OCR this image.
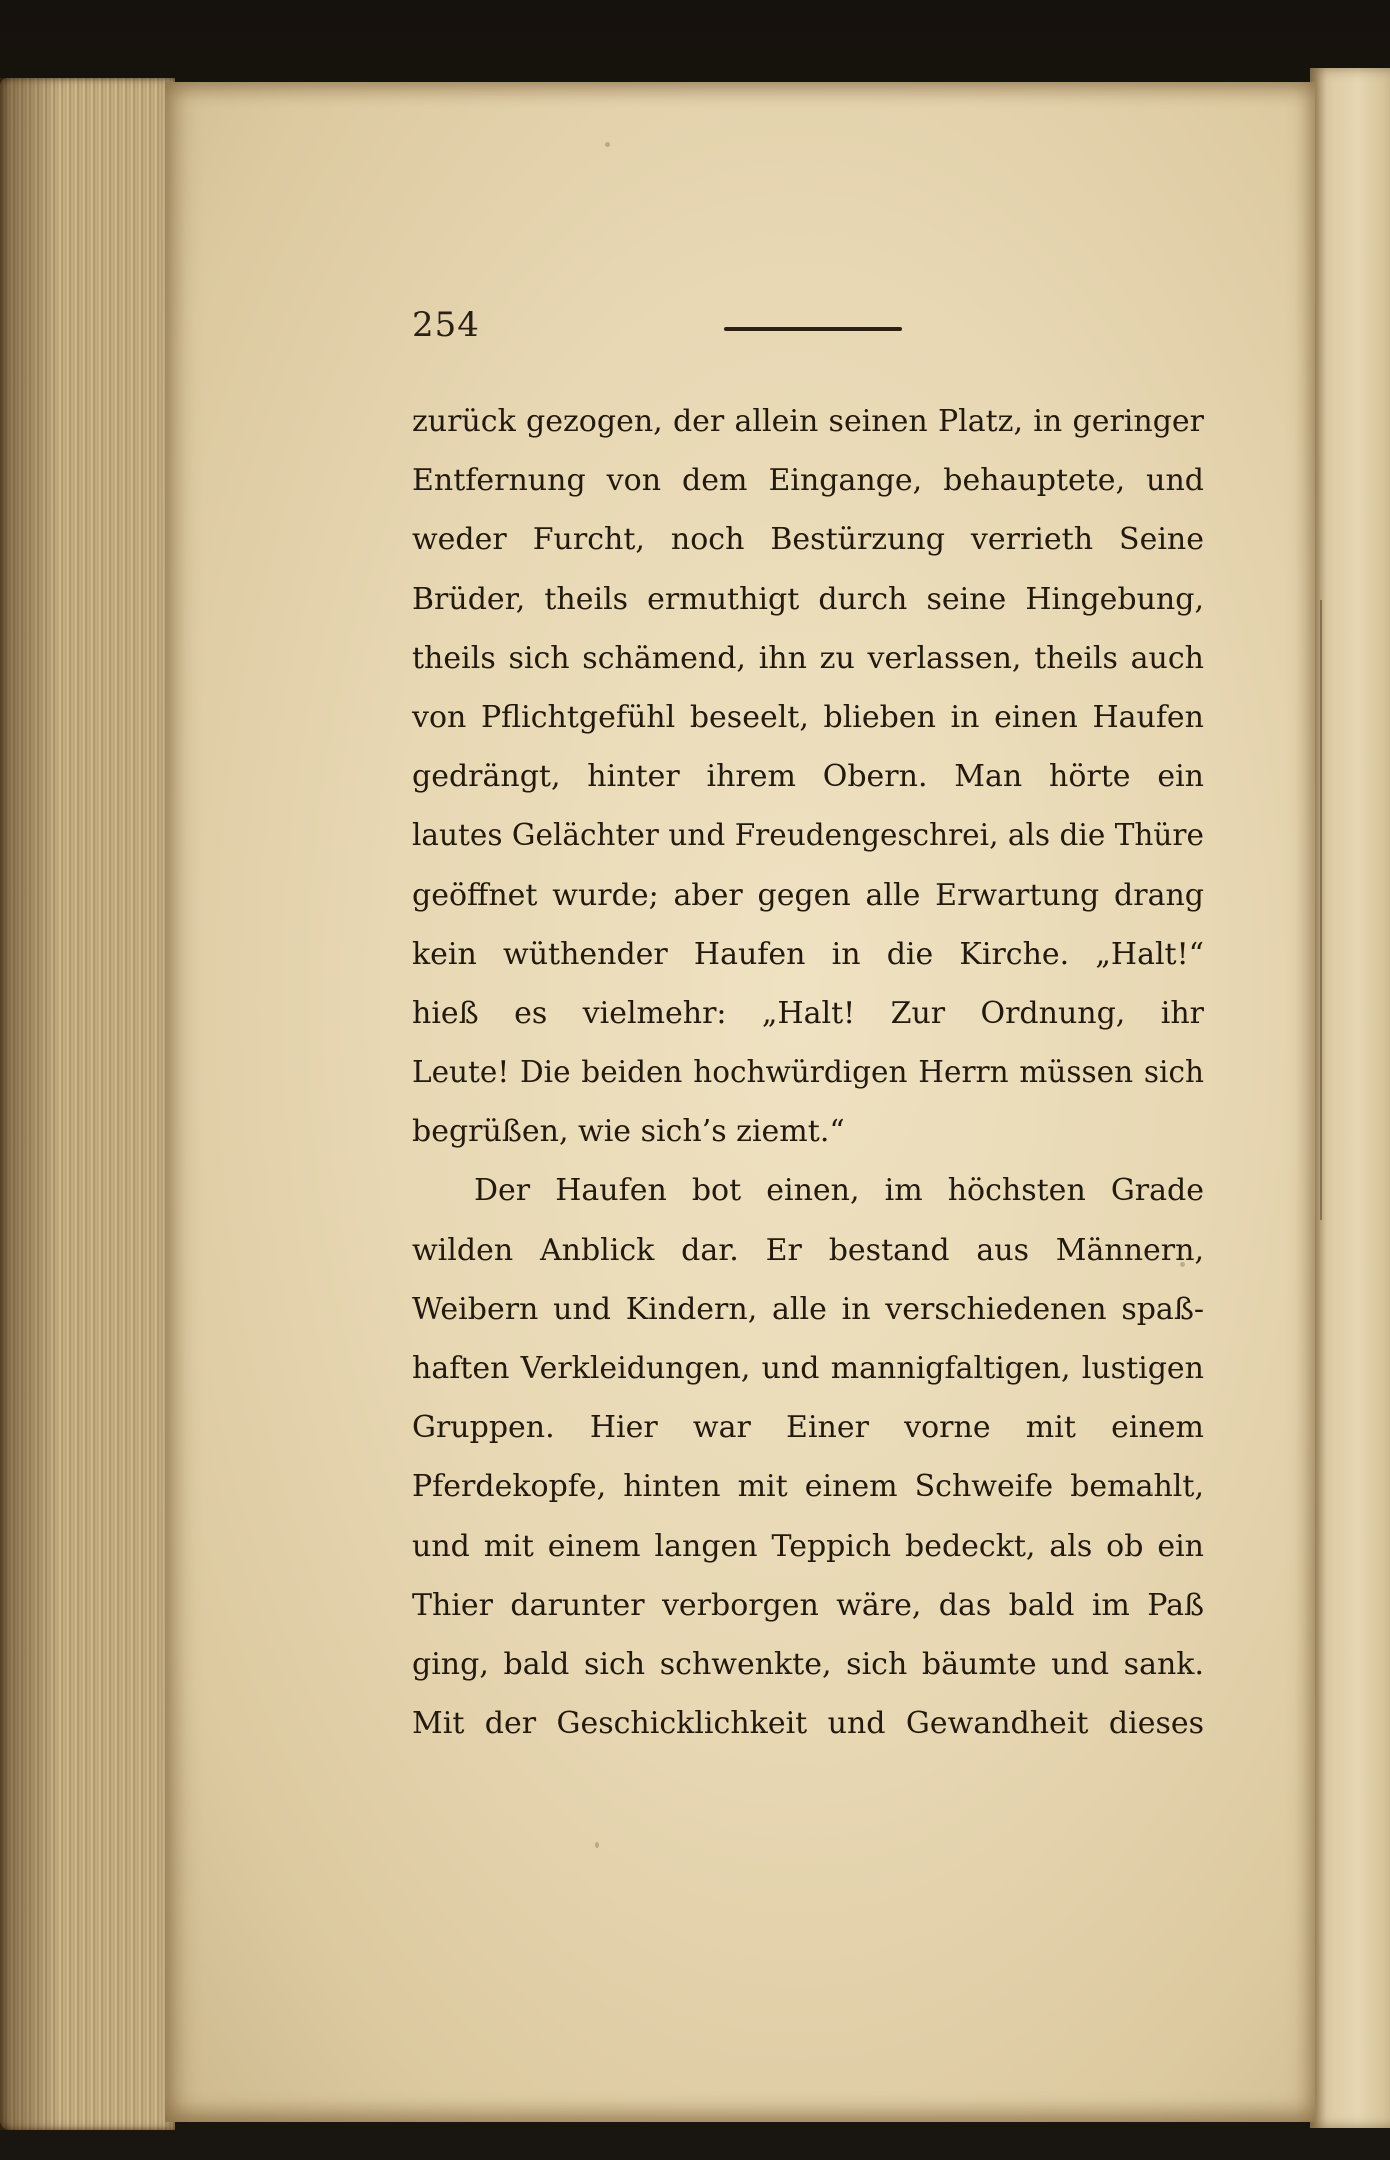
254
zurück gezogen, der allein seinen Platz, in geringer
Entfernung von dem Eingange, behauptete, und
weder Furcht, noch Bestürzung verrieth Seine
Brüder, theils ermuthigt durch seine Hingebung,
theils sich schämend, ihn zu verlassen, theils auch
von Pflichtgefühl beseelt, blieben in einen Haufen
gedrängt, hinter ihrem Obern. Man hörte ein
lautes Gelächter und Freudengeschrei, als die Thüre
geöffnet wurde; aber gegen alle Erwartung drang
kein wüthender Haufen in die Kirche. „Halt!“
hieß es vielmehr: „Halt! Zur Ordnung, ihr
Leute! Die beiden hochwürdigen Herrn müssen sich
begrüßen, wie sich’s ziemt.“
Der Haufen bot einen, im höchsten Grade
wilden Anblick dar. Er bestand aus Männern,
Weibern und Kindern, alle in verschiedenen spaß-
haften Verkleidungen, und mannigfaltigen, lustigen
Gruppen. Hier war Einer vorne mit einem
Pferdekopfe, hinten mit einem Schweife bemahlt,
und mit einem langen Teppich bedeckt, als ob ein
Thier darunter verborgen wäre, das bald im Paß
ging, bald sich schwenkte, sich bäumte und sank.
Mit der Geschicklichkeit und Gewandheit dieses
